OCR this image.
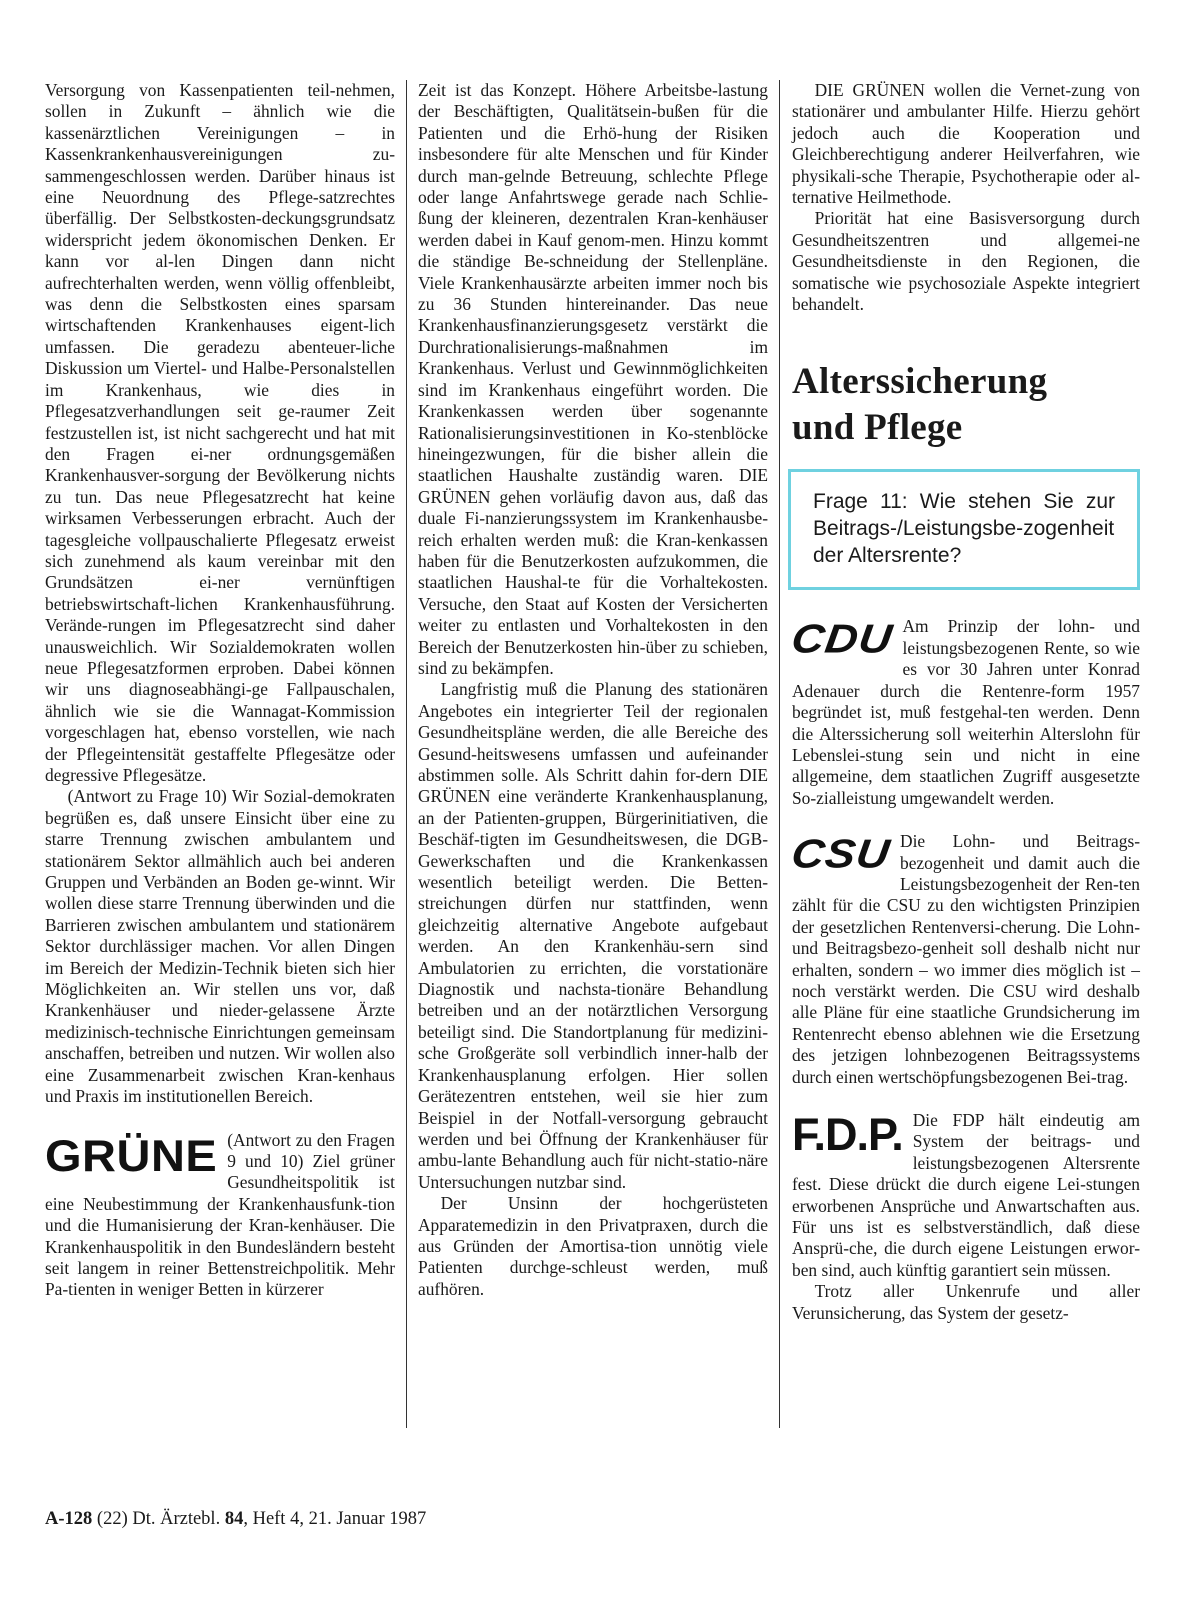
Versorgung von Kassenpatienten teil-nehmen, sollen in Zukunft – ähnlich wie die kassenärztlichen Vereinigungen – in Kassenkrankenhausvereinigungen zu-sammengeschlossen werden. Darüber hinaus ist eine Neuordnung des Pflege-satzrechtes überfällig. Der Selbstkosten-deckungsgrundsatz widerspricht jedem ökonomischen Denken. Er kann vor al-len Dingen dann nicht aufrechterhalten werden, wenn völlig offenbleibt, was denn die Selbstkosten eines sparsam wirtschaftenden Krankenhauses eigent-lich umfassen. Die geradezu abenteuer-liche Diskussion um Viertel- und Halbe-Personalstellen im Krankenhaus, wie dies in Pflegesatzverhandlungen seit ge-raumer Zeit festzustellen ist, ist nicht sachgerecht und hat mit den Fragen ei-ner ordnungsgemäßen Krankenhausver-sorgung der Bevölkerung nichts zu tun. Das neue Pflegesatzrecht hat keine wirksamen Verbesserungen erbracht. Auch der tagesgleiche vollpauschalierte Pflegesatz erweist sich zunehmend als kaum vereinbar mit den Grundsätzen ei-ner vernünftigen betriebswirtschaft-lichen Krankenhausführung. Verände-rungen im Pflegesatzrecht sind daher unausweichlich. Wir Sozialdemokraten wollen neue Pflegesatzformen erproben. Dabei können wir uns diagnoseabhängi-ge Fallpauschalen, ähnlich wie sie die Wannagat-Kommission vorgeschlagen hat, ebenso vorstellen, wie nach der Pflegeintensität gestaffelte Pflegesätze oder degressive Pflegesätze.

(Antwort zu Frage 10) Wir Sozial-demokraten begrüßen es, daß unsere Einsicht über eine zu starre Trennung zwischen ambulantem und stationärem Sektor allmählich auch bei anderen Gruppen und Verbänden an Boden ge-winnt. Wir wollen diese starre Trennung überwinden und die Barrieren zwischen ambulantem und stationärem Sektor durchlässiger machen. Vor allen Dingen im Bereich der Medizin-Technik bieten sich hier Möglichkeiten an. Wir stellen uns vor, daß Krankenhäuser und nieder-gelassene Ärzte medizinisch-technische Einrichtungen gemeinsam anschaffen, betreiben und nutzen. Wir wollen also eine Zusammenarbeit zwischen Kran-kenhaus und Praxis im institutionellen Bereich.

GRÜNE (Antwort zu den Fragen 9 und 10) Ziel grüner Gesundheitspolitik ist eine Neubestimmung der Krankenhausfunk-tion und die Humanisierung der Kran-kenhäuser. Die Krankenhauspolitik in den Bundesländern besteht seit langem in reiner Bettenstreichpolitik. Mehr Pa-tienten in weniger Betten in kürzerer

Zeit ist das Konzept. Höhere Arbeitsbe-lastung der Beschäftigten, Qualitätsein-bußen für die Patienten und die Erhö-hung der Risiken insbesondere für alte Menschen und für Kinder durch man-gelnde Betreuung, schlechte Pflege oder lange Anfahrtswege gerade nach Schlie-ßung der kleineren, dezentralen Kran-kenhäuser werden dabei in Kauf genom-men. Hinzu kommt die ständige Be-schneidung der Stellenpläne. Viele Krankenhausärzte arbeiten immer noch bis zu 36 Stunden hintereinander. Das neue Krankenhausfinanzierungsgesetz verstärkt die Durchrationalisierungs-maßnahmen im Krankenhaus. Verlust und Gewinnmöglichkeiten sind im Krankenhaus eingeführt worden. Die Krankenkassen werden über sogenannte Rationalisierungsinvestitionen in Ko-stenblöcke hineingezwungen, für die bisher allein die staatlichen Haushalte zuständig waren. DIE GRÜNEN gehen vorläufig davon aus, daß das duale Fi-nanzierungssystem im Krankenhausbe-reich erhalten werden muß: die Kran-kenkassen haben für die Benutzerkosten aufzukommen, die staatlichen Haushal-te für die Vorhaltekosten. Versuche, den Staat auf Kosten der Versicherten weiter zu entlasten und Vorhaltekosten in den Bereich der Benutzerkosten hin-über zu schieben, sind zu bekämpfen.

Langfristig muß die Planung des stationären Angebotes ein integrierter Teil der regionalen Gesundheitspläne werden, die alle Bereiche des Gesund-heitswesens umfassen und aufeinander abstimmen solle. Als Schritt dahin for-dern DIE GRÜNEN eine veränderte Krankenhausplanung, an der Patienten-gruppen, Bürgerinitiativen, die Beschäf-tigten im Gesundheitswesen, die DGB-Gewerkschaften und die Krankenkassen wesentlich beteiligt werden. Die Betten-streichungen dürfen nur stattfinden, wenn gleichzeitig alternative Angebote aufgebaut werden. An den Krankenhäu-sern sind Ambulatorien zu errichten, die vorstationäre Diagnostik und nachsta-tionäre Behandlung betreiben und an der notärztlichen Versorgung beteiligt sind. Die Standortplanung für medizini-sche Großgeräte soll verbindlich inner-halb der Krankenhausplanung erfolgen. Hier sollen Gerätezentren entstehen, weil sie hier zum Beispiel in der Notfall-versorgung gebraucht werden und bei Öffnung der Krankenhäuser für ambu-lante Behandlung auch für nicht-statio-näre Untersuchungen nutzbar sind.

Der Unsinn der hochgerüsteten Apparatemedizin in den Privatpraxen, durch die aus Gründen der Amortisa-tion unnötig viele Patienten durchge-schleust werden, muß aufhören.

DIE GRÜNEN wollen die Vernet-zung von stationärer und ambulanter Hilfe. Hierzu gehört jedoch auch die Kooperation und Gleichberechtigung anderer Heilverfahren, wie physikali-sche Therapie, Psychotherapie oder al-ternative Heilmethode.

Priorität hat eine Basisversorgung durch Gesundheitszentren und allgemei-ne Gesundheitsdienste in den Regionen, die somatische wie psychosoziale Aspekte integriert behandelt.

Alterssicherung
und Pflege
Frage 11: Wie stehen Sie zur Beitrags-/Leistungsbe-zogenheit der Altersrente?
CDU Am Prinzip der lohn- und leistungsbezogenen Rente, so wie es vor 30 Jahren unter Konrad Adenauer durch die Rentenre-form 1957 begründet ist, muß festgehal-ten werden. Denn die Alterssicherung soll weiterhin Alterslohn für Lebenslei-stung sein und nicht in eine allgemeine, dem staatlichen Zugriff ausgesetzte So-zialleistung umgewandelt werden.

CSU Die Lohn- und Beitrags-bezogenheit und damit auch die Leistungsbezogenheit der Ren-ten zählt für die CSU zu den wichtigsten Prinzipien der gesetzlichen Rentenversi-cherung. Die Lohn- und Beitragsbezo-genheit soll deshalb nicht nur erhalten, sondern – wo immer dies möglich ist – noch verstärkt werden. Die CSU wird deshalb alle Pläne für eine staatliche Grundsicherung im Rentenrecht ebenso ablehnen wie die Ersetzung des jetzigen lohnbezogenen Beitragssystems durch einen wertschöpfungsbezogenen Bei-trag.

F.D.P. Die FDP hält eindeutig am System der beitrags- und leistungsbezogenen Altersrente fest. Diese drückt die durch eigene Lei-stungen erworbenen Ansprüche und Anwartschaften aus. Für uns ist es selbstverständlich, daß diese Ansprü-che, die durch eigene Leistungen erwor-ben sind, auch künftig garantiert sein müssen.

Trotz aller Unkenrufe und aller Verunsicherung, das System der gesetz-

A-128 (22) Dt. Ärztebl. 84, Heft 4, 21. Januar 1987
